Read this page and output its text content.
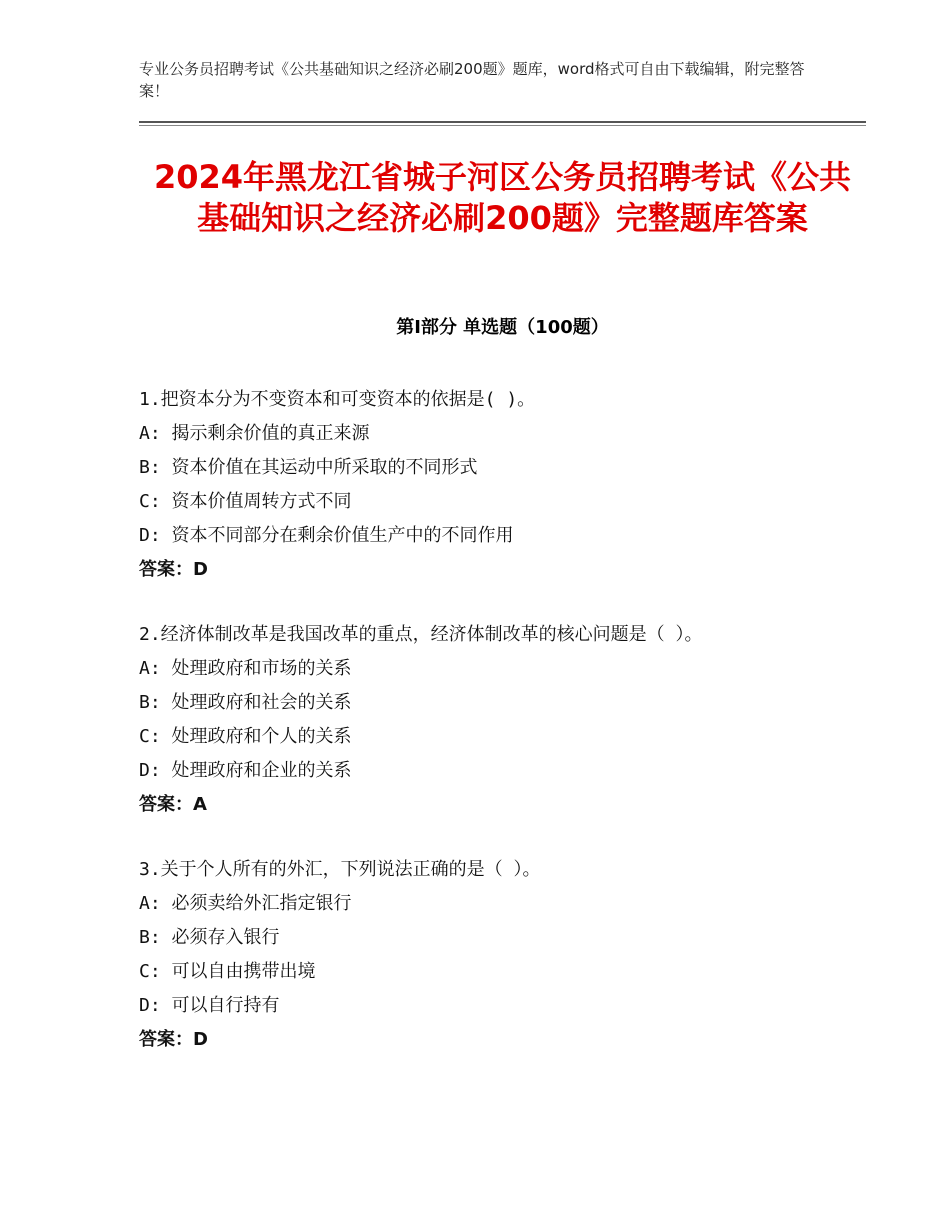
专业公务员招聘考试《公共基础知识之经济必刷200题》题库，word格式可自由下载编辑，附完整答案！
2024年黑龙江省城子河区公务员招聘考试《公共基础知识之经济必刷200题》完整题库答案
第I部分 单选题（100题）
1.把资本分为不变资本和可变资本的依据是( )。
A: 揭示剩余价值的真正来源
B: 资本价值在其运动中所采取的不同形式
C: 资本价值周转方式不同
D: 资本不同部分在剩余价值生产中的不同作用
答案：D
2.经济体制改革是我国改革的重点，经济体制改革的核心问题是（ ）。
A: 处理政府和市场的关系
B: 处理政府和社会的关系
C: 处理政府和个人的关系
D: 处理政府和企业的关系
答案：A
3.关于个人所有的外汇，下列说法正确的是（ ）。
A: 必须卖给外汇指定银行
B: 必须存入银行
C: 可以自由携带出境
D: 可以自行持有
答案：D
